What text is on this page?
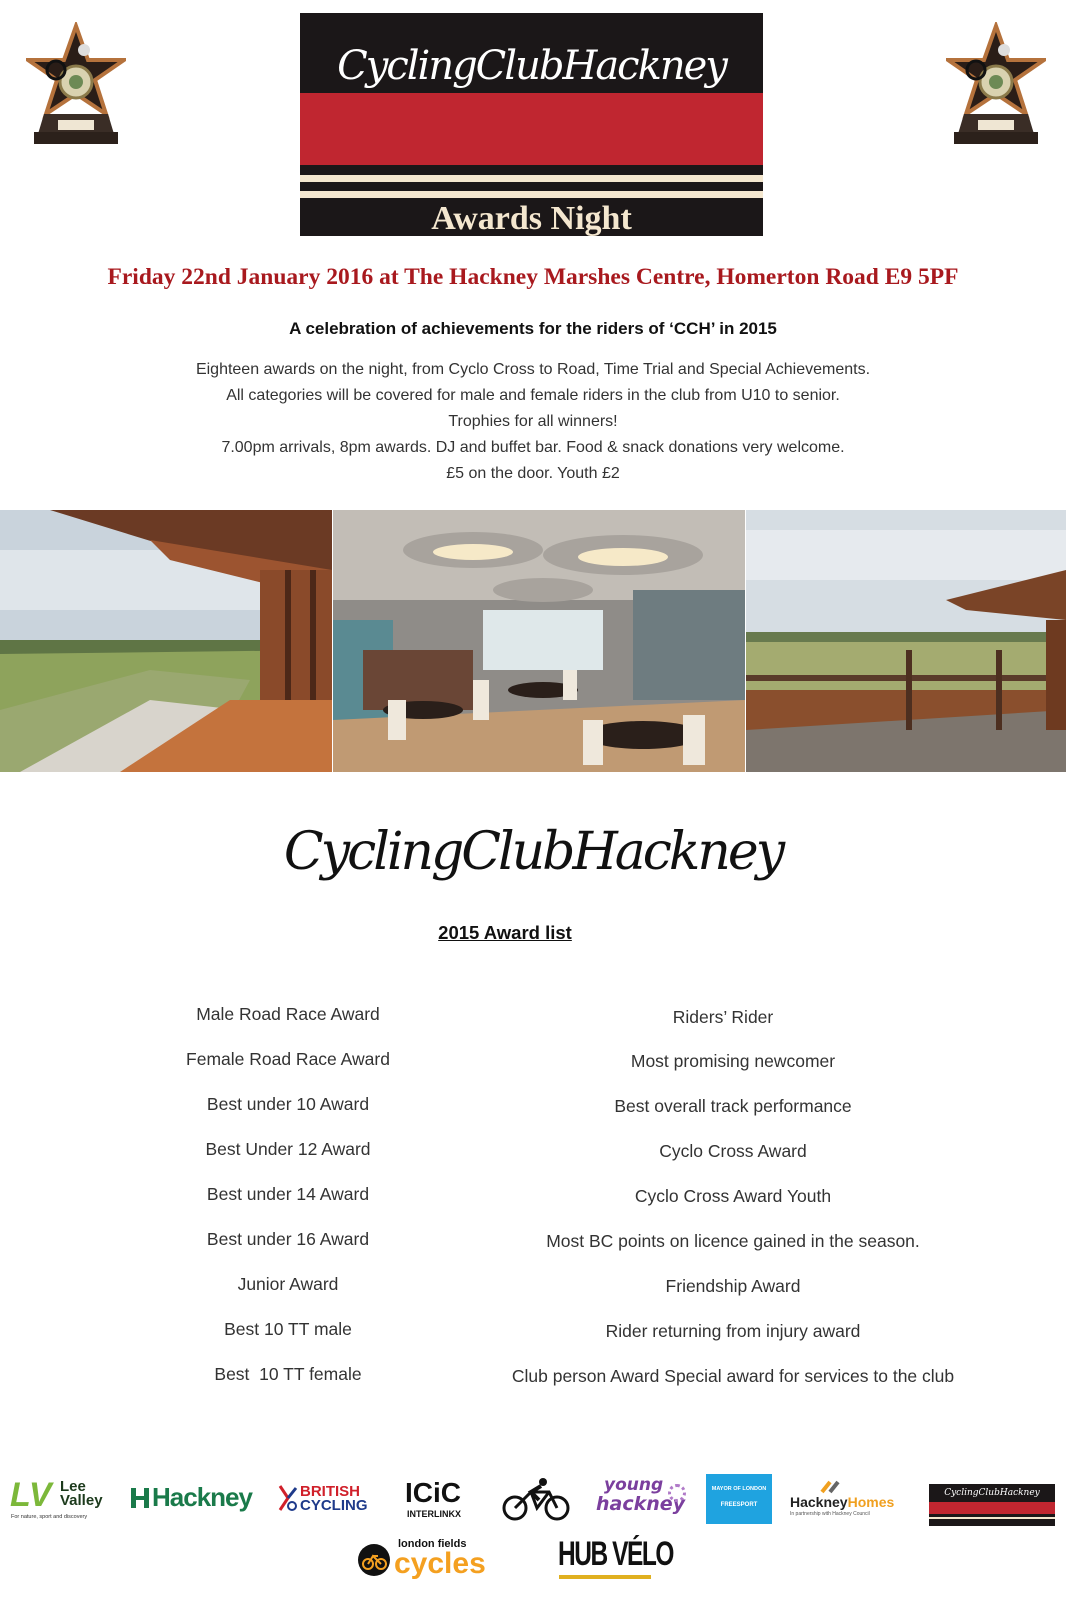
CyclingClubHackney
Awards Night
Friday 22nd January 2016 at The Hackney Marshes Centre, Homerton Road E9 5PF
A celebration of achievements for the riders of ‘CCH’ in 2015
Eighteen awards on the night, from Cyclo Cross to Road, Time Trial and Special Achievements.
All categories will be covered for male and female riders in the club from U10 to senior.
Trophies for all winners!
7.00pm arrivals, 8pm awards. DJ and buffet bar. Food & snack donations very welcome.
£5 on the door. Youth £2
CyclingClubHackney
2015 Award list
Male Road Race Award
Female Road Race Award
Best under 10 Award
Best Under 12 Award
Best under 14 Award
Best under 16 Award
Junior Award
Best 10 TT male
Best  10 TT female
Riders’ Rider
Most promising newcomer
Best overall track performance
Cyclo Cross Award
Cyclo Cross Award Youth
Most BC points on licence gained in the season.
Friendship Award
Rider returning from injury award
Club person Award Special award for services to the club
LV Lee Valley
For nature, sport and discovery
Hackney	BRITISH
CYCLING ICiC
INTERLINKX
young
hackney
MAYOR OF LONDON
FREESPORT	HackneyHomes
In partnership with Hackney Council
CyclingClubHackney
london fields
cycles HUB VÉLO
